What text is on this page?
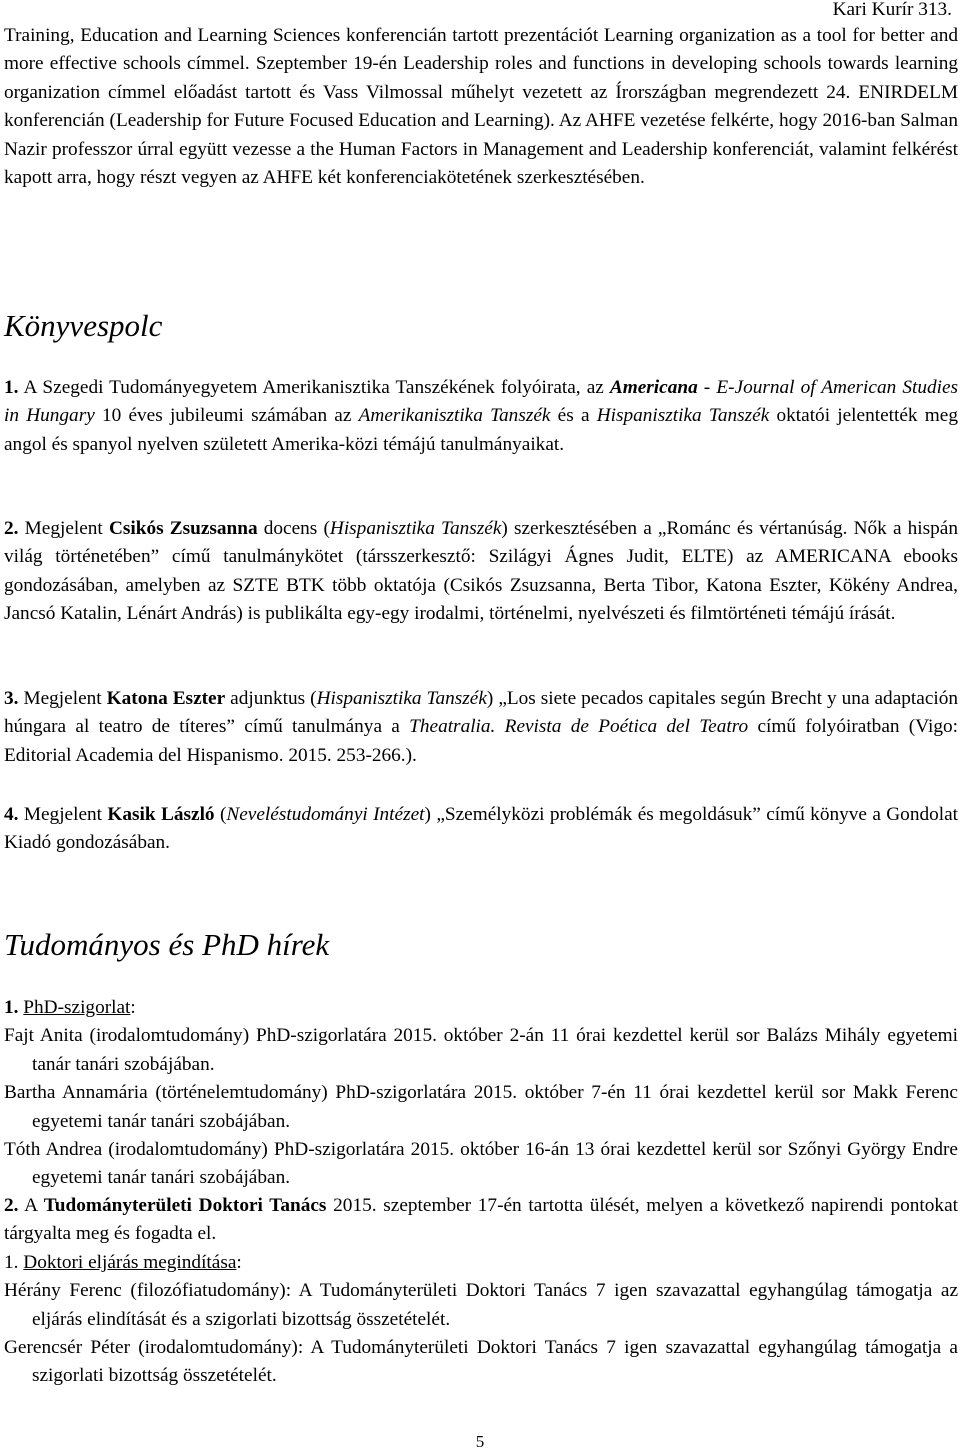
Kari Kurír 313.

Training, Education and Learning Sciences konferencián tartott prezentációt Learning organization as a tool for better and more effective schools címmel. Szeptember 19-én Leadership roles and functions in developing schools towards learning organization címmel előadást tartott és Vass Vilmossal műhelyt vezetett az Írországban megrendezett 24. ENIRDELM konferencián (Leadership for Future Focused Education and Learning). Az AHFE vezetése felkérte, hogy 2016-ban Salman Nazir professzor úrral együtt vezesse a the Human Factors in Management and Leadership konferenciát, valamint felkérést kapott arra, hogy részt vegyen az AHFE két konferenciakötetének szerkesztésében.

Könyvespolc

1. A Szegedi Tudományegyetem Amerikanisztika Tanszékének folyóirata, az Americana - E-Journal of American Studies in Hungary 10 éves jubileumi számában az Amerikanisztika Tanszék és a Hispanisztika Tanszék oktatói jelentették meg angol és spanyol nyelven született Amerika-közi témájú tanulmányaikat.

2. Megjelent Csikós Zsuzsanna docens (Hispanisztika Tanszék) szerkesztésében a „Románc és vértanúság. Nők a hispán világ történetében” című tanulmánykötet (társszerkesztő: Szilágyi Ágnes Judit, ELTE) az AMERICANA ebooks gondozásában, amelyben az SZTE BTK több oktatója (Csikós Zsuzsanna, Berta Tibor, Katona Eszter, Kökény Andrea, Jancsó Katalin, Lénárt András) is publikálta egy-egy irodalmi, történelmi, nyelvészeti és filmtörténeti témájú írását.

3. Megjelent Katona Eszter adjunktus (Hispanisztika Tanszék) „Los siete pecados capitales según Brecht y una adaptación húngara al teatro de títeres” című tanulmánya a Theatralia. Revista de Poética del Teatro című folyóiratban (Vigo: Editorial Academia del Hispanismo. 2015. 253-266.).

4. Megjelent Kasik László (Neveléstudományi Intézet) „Személyközi problémák és megoldásuk” című könyve a Gondolat Kiadó gondozásában.

Tudományos és PhD hírek

1. PhD-szigorlat:

Fajt Anita (irodalomtudomány) PhD-szigorlatára 2015. október 2-án 11 órai kezdettel kerül sor Balázs Mihály egyetemi tanár tanári szobájában.

Bartha Annamária (történelemtudomány) PhD-szigorlatára 2015. október 7-én 11 órai kezdettel kerül sor Makk Ferenc egyetemi tanár tanári szobájában.

Tóth Andrea (irodalomtudomány) PhD-szigorlatára 2015. október 16-án 13 órai kezdettel kerül sor Szőnyi György Endre egyetemi tanár tanári szobájában.

2. A Tudományterületi Doktori Tanács 2015. szeptember 17-én tartotta ülését, melyen a következő napirendi pontokat tárgyalta meg és fogadta el.

1. Doktori eljárás megindítása:

Hérány Ferenc (filozófiatudomány): A Tudományterületi Doktori Tanács 7 igen szavazattal egyhangúlag támogatja az eljárás elindítását és a szigorlati bizottság összetételét.

Gerencsér Péter (irodalomtudomány): A Tudományterületi Doktori Tanács 7 igen szavazattal egyhangúlag támogatja a szigorlati bizottság összetételét.

5
